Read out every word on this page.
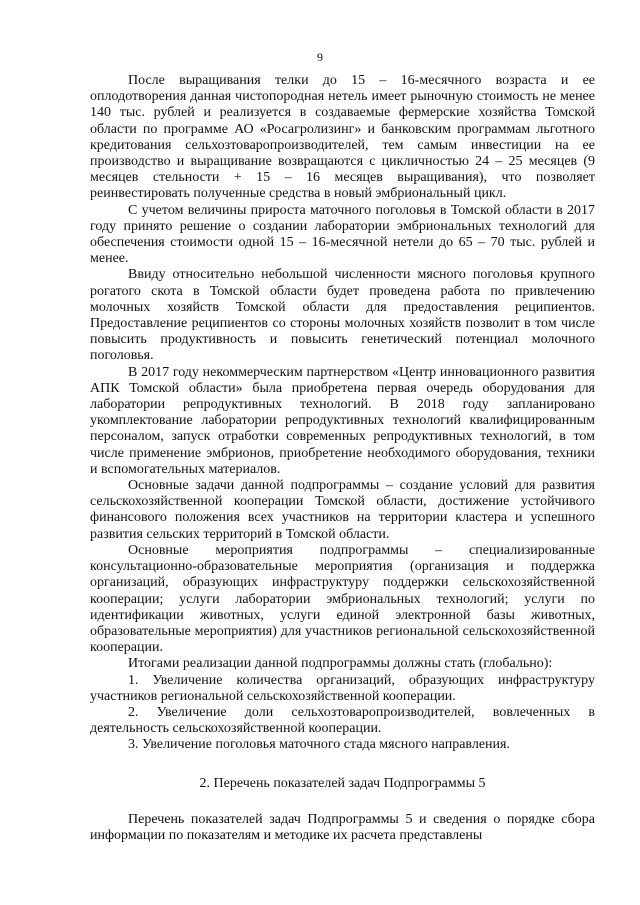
9

После выращивания телки до 15 – 16-месячного возраста и ее оплодотворения данная чистопородная нетель имеет рыночную стоимость не менее 140 тыс. рублей и реализуется в создаваемые фермерские хозяйства Томской области по программе АО «Росагролизинг» и банковским программам льготного кредитования сельхозтоваропроизводителей, тем самым инвестиции на ее производство и выращивание возвращаются с цикличностью 24 – 25 месяцев (9 месяцев стельности + 15 – 16 месяцев выращивания), что позволяет реинвестировать полученные средства в новый эмбриональный цикл.

С учетом величины прироста маточного поголовья в Томской области в 2017 году принято решение о создании лаборатории эмбриональных технологий для обеспечения стоимости одной 15 – 16-месячной нетели до 65 – 70 тыс. рублей и менее.

Ввиду относительно небольшой численности мясного поголовья крупного рогатого скота в Томской области будет проведена работа по привлечению молочных хозяйств Томской области для предоставления реципиентов. Предоставление реципиентов со стороны молочных хозяйств позволит в том числе повысить продуктивность и повысить генетический потенциал молочного поголовья.

В 2017 году некоммерческим партнерством «Центр инновационного развития АПК Томской области» была приобретена первая очередь оборудования для лаборатории репродуктивных технологий. В 2018 году запланировано укомплектование лаборатории репродуктивных технологий квалифицированным персоналом, запуск отработки современных репродуктивных технологий, в том числе применение эмбрионов, приобретение необходимого оборудования, техники и вспомогательных материалов.

Основные задачи данной подпрограммы – создание условий для развития сельскохозяйственной кооперации Томской области, достижение устойчивого финансового положения всех участников на территории кластера и успешного развития сельских территорий в Томской области.

Основные мероприятия подпрограммы – специализированные консультационно-образовательные мероприятия (организация и поддержка организаций, образующих инфраструктуру поддержки сельскохозяйственной кооперации; услуги лаборатории эмбриональных технологий; услуги по идентификации животных, услуги единой электронной базы животных, образовательные мероприятия) для участников региональной сельскохозяйственной кооперации.

Итогами реализации данной подпрограммы должны стать (глобально):

1. Увеличение количества организаций, образующих инфраструктуру участников региональной сельскохозяйственной кооперации.

2. Увеличение доли сельхозтоваропроизводителей, вовлеченных в деятельность сельскохозяйственной кооперации.

3. Увеличение поголовья маточного стада мясного направления.

2. Перечень показателей задач Подпрограммы 5

Перечень показателей задач Подпрограммы 5 и сведения о порядке сбора информации по показателям и методике их расчета представлены
